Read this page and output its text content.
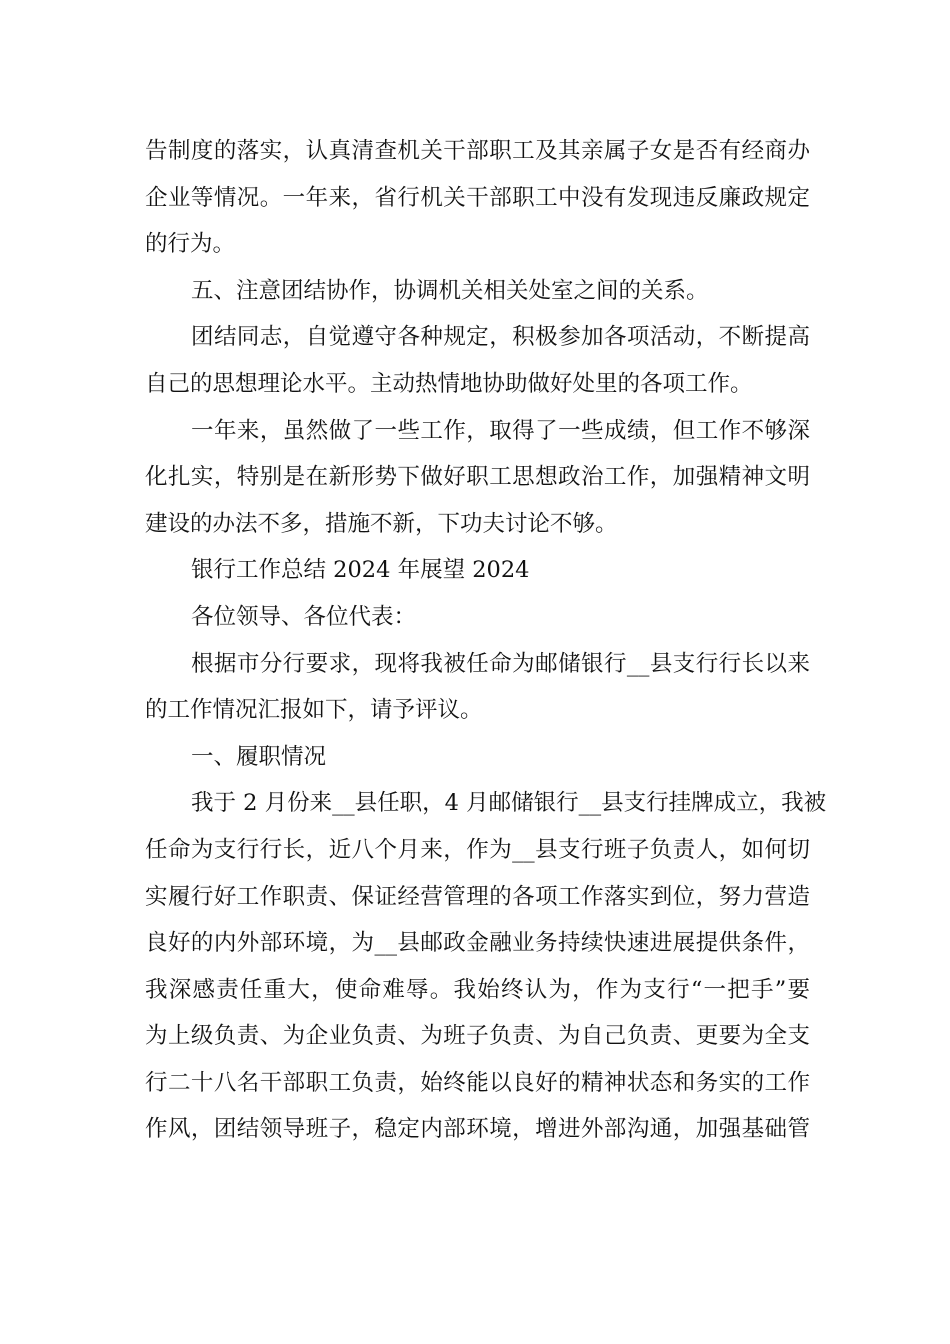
告制度的落实，认真清查机关干部职工及其亲属子女是否有经商办
企业等情况。一年来，省行机关干部职工中没有发现违反廉政规定
的行为。
五、注意团结协作，协调机关相关处室之间的关系。
团结同志，自觉遵守各种规定，积极参加各项活动，不断提高
自己的思想理论水平。主动热情地协助做好处里的各项工作。
一年来，虽然做了一些工作，取得了一些成绩，但工作不够深
化扎实，特别是在新形势下做好职工思想政治工作，加强精神文明
建设的办法不多，措施不新，下功夫讨论不够。
银行工作总结 2024 年展望 2024
各位领导、各位代表：
根据市分行要求，现将我被任命为邮储银行__县支行行长以来
的工作情况汇报如下，请予评议。
一、履职情况
我于 2 月份来__县任职，4 月邮储银行__县支行挂牌成立，我被
任命为支行行长，近八个月来，作为__县支行班子负责人，如何切
实履行好工作职责、保证经营管理的各项工作落实到位，努力营造
良好的内外部环境，为__县邮政金融业务持续快速进展提供条件，
我深感责任重大，使命难辱。我始终认为，作为支行“一把手”要
为上级负责、为企业负责、为班子负责、为自己负责、更要为全支
行二十八名干部职工负责，始终能以良好的精神状态和务实的工作
作风，团结领导班子，稳定内部环境，增进外部沟通，加强基础管
